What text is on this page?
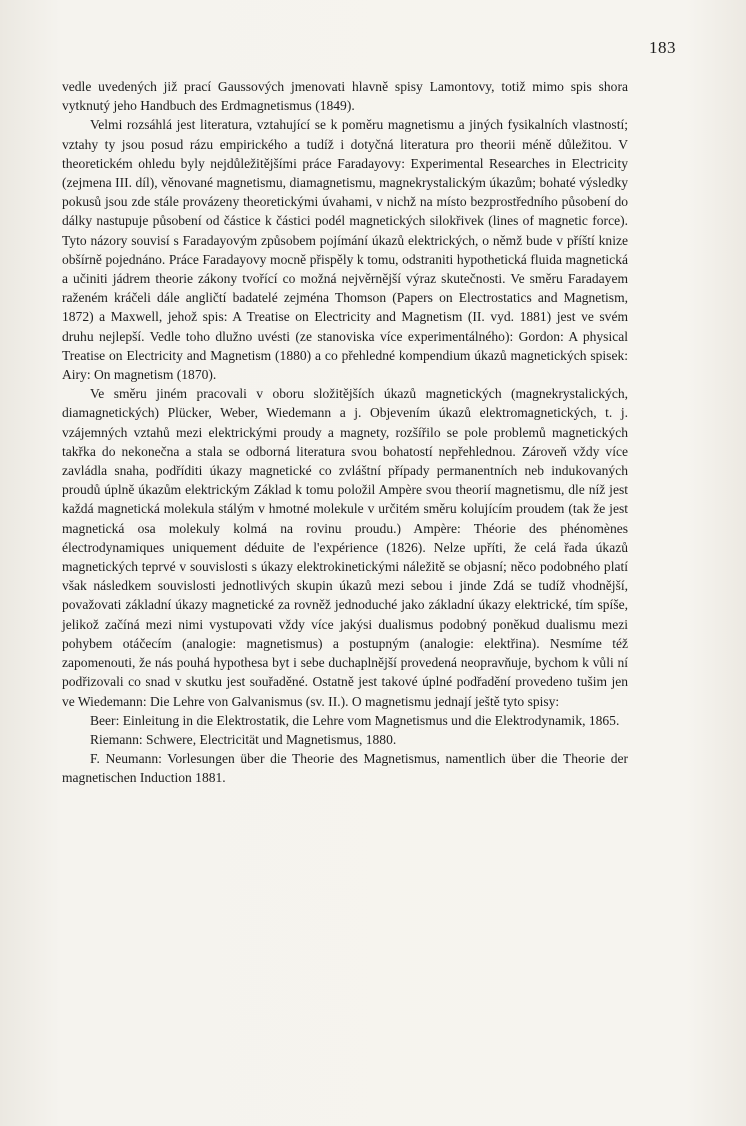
183

vedle uvedených již prací Gaussových jmenovati hlavně spisy Lamontovy, totiž mimo spis shora vytknutý jeho Handbuch des Erdmagnetismus (1849).

Velmi rozsáhlá jest literatura, vztahující se k poměru magnetismu a jiných fysikalních vlastností; vztahy ty jsou posud rázu empirického a tudíž i dotyčná literatura pro theorii méně důležitou. V theoretickém ohledu byly nejdůležitějšími práce Faradayovy: Experimental Researches in Electricity (zejmena III. díl), věnované magnetismu, diamagnetismu, magnekrystalickým úkazům; bohaté výsledky pokusů jsou zde stále provázeny theoretickými úvahami, v nichž na místo bezprostředního působení do dálky nastupuje působení od částice k částici podél magnetických silokřivek (lines of magnetic force). Tyto názory souvisí s Faradayovým způsobem pojímání úkazů elektrických, o němž bude v příští knize obšírně pojednáno. Práce Faradayovy mocně přispěly k tomu, odstraniti hypothetická fluida magnetická a učiniti jádrem theorie zákony tvořící co možná nejvěrnější výraz skutečnosti. Ve směru Faradayem raženém kráčeli dále angličtí badatelé zejména Thomson (Papers on Electrostatics and Magnetism, 1872) a Maxwell, jehož spis: A Treatise on Electricity and Magnetism (II. vyd. 1881) jest ve svém druhu nejlepší. Vedle toho dlužno uvésti (ze stanoviska více experimentálného): Gordon: A physical Treatise on Electricity and Magnetism (1880) a co přehledné kompendium úkazů magnetických spisek: Airy: On magnetism (1870).

Ve směru jiném pracovali v oboru složitějších úkazů magnetických (magnekrystalických, diamagnetických) Plücker, Weber, Wiedemann a j. Objevením úkazů elektromagnetických, t. j. vzájemných vztahů mezi elektrickými proudy a magnety, rozšířilo se pole problemů magnetických takřka do nekonečna a stala se odborná literatura svou bohatostí nepřehlednou. Zároveň vždy více zavládla snaha, podříditi úkazy magnetické co zvláštní případy permanentních neb indukovaných proudů úplně úkazům elektrickým Základ k tomu položil Ampère svou theorií magnetismu, dle níž jest každá magnetická molekula stálým v hmotné molekule v určitém směru kolujícím proudem (tak že jest magnetická osa molekuly kolmá na rovinu proudu.) Ampère: Théorie des phénomènes électrodynamiques uniquement déduite de l'expérience (1826). Nelze upříti, že celá řada úkazů magnetických teprvé v souvislosti s úkazy elektrokinetickými náležitě se objasní; něco podobného platí však následkem souvislosti jednotlivých skupin úkazů mezi sebou i jinde Zdá se tudíž vhodnější, považovati základní úkazy magnetické za rovněž jednoduché jako základní úkazy elektrické, tím spíše, jelikož začíná mezi nimi vystupovati vždy více jakýsi dualismus podobný poněkud dualismu mezi pohybem otáčecím (analogie: magnetismus) a postupným (analogie: elektřina). Nesmíme též zapomenouti, že nás pouhá hypothesa byt i sebe duchaplnější provedená neopravňuje, bychom k vůli ní podřizovali co snad v skutku jest souřaděné. Ostatně jest takové úplné podřadění provedeno tušim jen ve Wiedemann: Die Lehre von Galvanismus (sv. II.). O magnetismu jednají ještě tyto spisy:

Beer: Einleitung in die Elektrostatik, die Lehre vom Magnetismus und die Elektrodynamik, 1865.

Riemann: Schwere, Electricität und Magnetismus, 1880.

F. Neumann: Vorlesungen über die Theorie des Magnetismus, namentlich über die Theorie der magnetischen Induction 1881.
